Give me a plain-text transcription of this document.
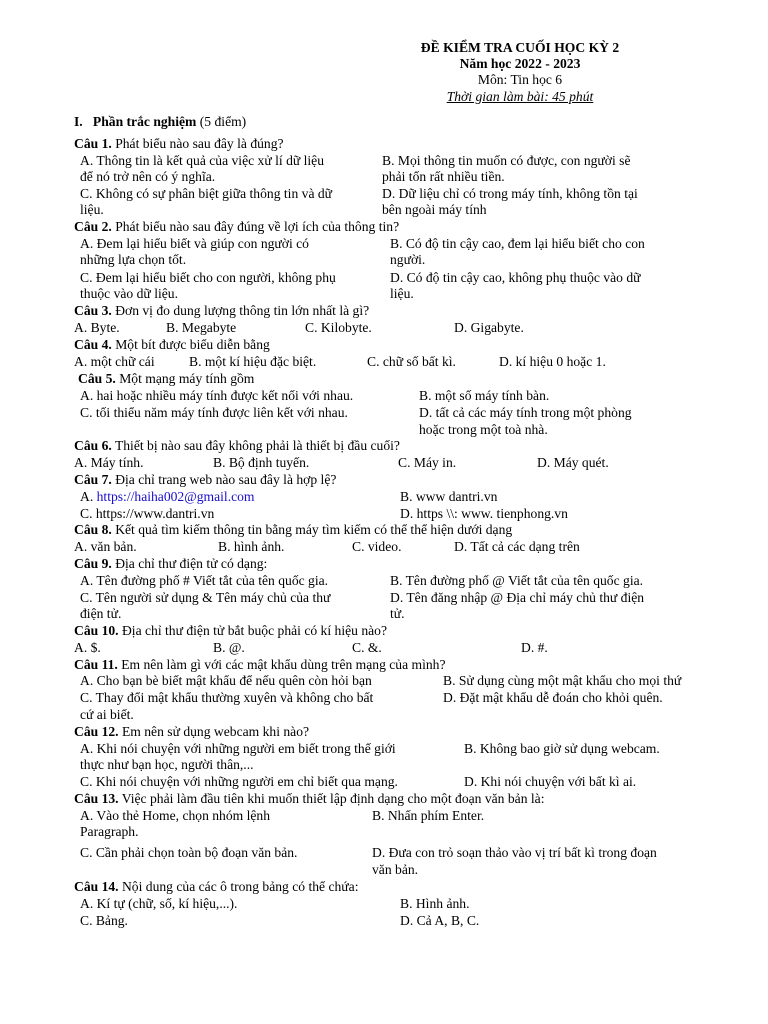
ĐỀ KIỂM TRA CUỐI HỌC KỲ 2
Năm học 2022 - 2023
Môn: Tin học 6
Thời gian làm bài: 45 phút
I. Phần trắc nghiệm (5 điểm)
Câu 1. Phát biểu nào sau đây là đúng?
A. Thông tin là kết quả của việc xử lí dữ liệu
để nó trở nên có ý nghĩa.
B. Mọi thông tin muốn có được, con người sẽ
phải tốn rất nhiều tiền.
C. Không có sự phân biệt giữa thông tin và dữ
liệu.
D. Dữ liệu chỉ có trong máy tính, không tồn tại
bên ngoài máy tính
Câu 2. Phát biểu nào sau đây đúng về lợi ích của thông tin?
A. Đem lại hiểu biết và giúp con người có
những lựa chọn tốt.
B. Có độ tin cậy cao, đem lại hiểu biết cho con
người.
C. Đem lại hiểu biết cho con người, không phụ
thuộc vào dữ liệu.
D. Có độ tin cậy cao, không phụ thuộc vào dữ
liệu.
Câu 3. Đơn vị đo dung lượng thông tin lớn nhất là gì?
A. Byte.	B. Megabyte	C. Kilobyte.	D. Gigabyte.
Câu 4. Một bít được biểu diễn bằng
A. một chữ cái	B. một kí hiệu đặc biệt.	C. chữ số bất kì.	D. kí hiệu 0 hoặc 1.
Câu 5. Một mạng máy tính gồm
A. hai hoặc nhiều máy tính được kết nối với nhau.	B. một số máy tính bàn.
C. tối thiểu năm máy tính được liên kết với nhau.	D. tất cả các máy tính trong một phòng
hoặc trong một toà nhà.
Câu 6. Thiết bị nào sau đây không phải là thiết bị đầu cuối?
A. Máy tính.	B. Bộ định tuyến.	C. Máy in.	D. Máy quét.
Câu 7. Địa chỉ trang web nào sau đây là hợp lệ?
A. https://haiha002@gmail.com	B. www dantri.vn
C. https://www.dantri.vn	D. https \\: www. tienphong.vn
Câu 8. Kết quả tìm kiếm thông tin bằng máy tìm kiếm có thể thể hiện dưới dạng
A. văn bản.	B. hình ảnh.	C. video.	D. Tất cả các dạng trên
Câu 9. Địa chỉ thư điện tử có dạng:
A. Tên đường phố # Viết tắt của tên quốc gia.	B. Tên đường phố @ Viết tắt của tên quốc gia.
C. Tên người sử dụng & Tên máy chủ của thư
điện tử.
D. Tên đăng nhập @ Địa chỉ máy chủ thư điện
tử.
Câu 10. Địa chỉ thư điện tử bắt buộc phải có kí hiệu nào?
A. $.	B. @.	C. &.	D. #.
Câu 11. Em nên làm gì với các mật khẩu dùng trên mạng của mình?
A. Cho bạn bè biết mật khẩu để nếu quên còn hỏi bạn	B. Sử dụng cùng một mật khẩu cho mọi thứ
C. Thay đổi mật khẩu thường xuyên và không cho bất
cứ ai biết.
D. Đặt mật khẩu dễ đoán cho khỏi quên.
Câu 12. Em nên sử dụng webcam khi nào?
A. Khi nói chuyện với những người em biết trong thế giới
thực như bạn học, người thân,...
B. Không bao giờ sử dụng webcam.
C. Khi nói chuyện với những người em chỉ biết qua mạng.	D. Khi nói chuyện với bất kì ai.
Câu 13. Việc phải làm đầu tiên khi muốn thiết lập định dạng cho một đoạn văn bản là:
A. Vào thẻ Home, chọn nhóm lệnh
Paragraph.
B. Nhấn phím Enter.
C. Cần phải chọn toàn bộ đoạn văn bản.	D. Đưa con trỏ soạn thảo vào vị trí bất kì trong đoạn
văn bản.
Câu 14. Nội dung của các ô trong bảng có thể chứa:
A. Kí tự (chữ, số, kí hiệu,...).	B. Hình ảnh.
C. Bảng.	D. Cả A, B, C.
